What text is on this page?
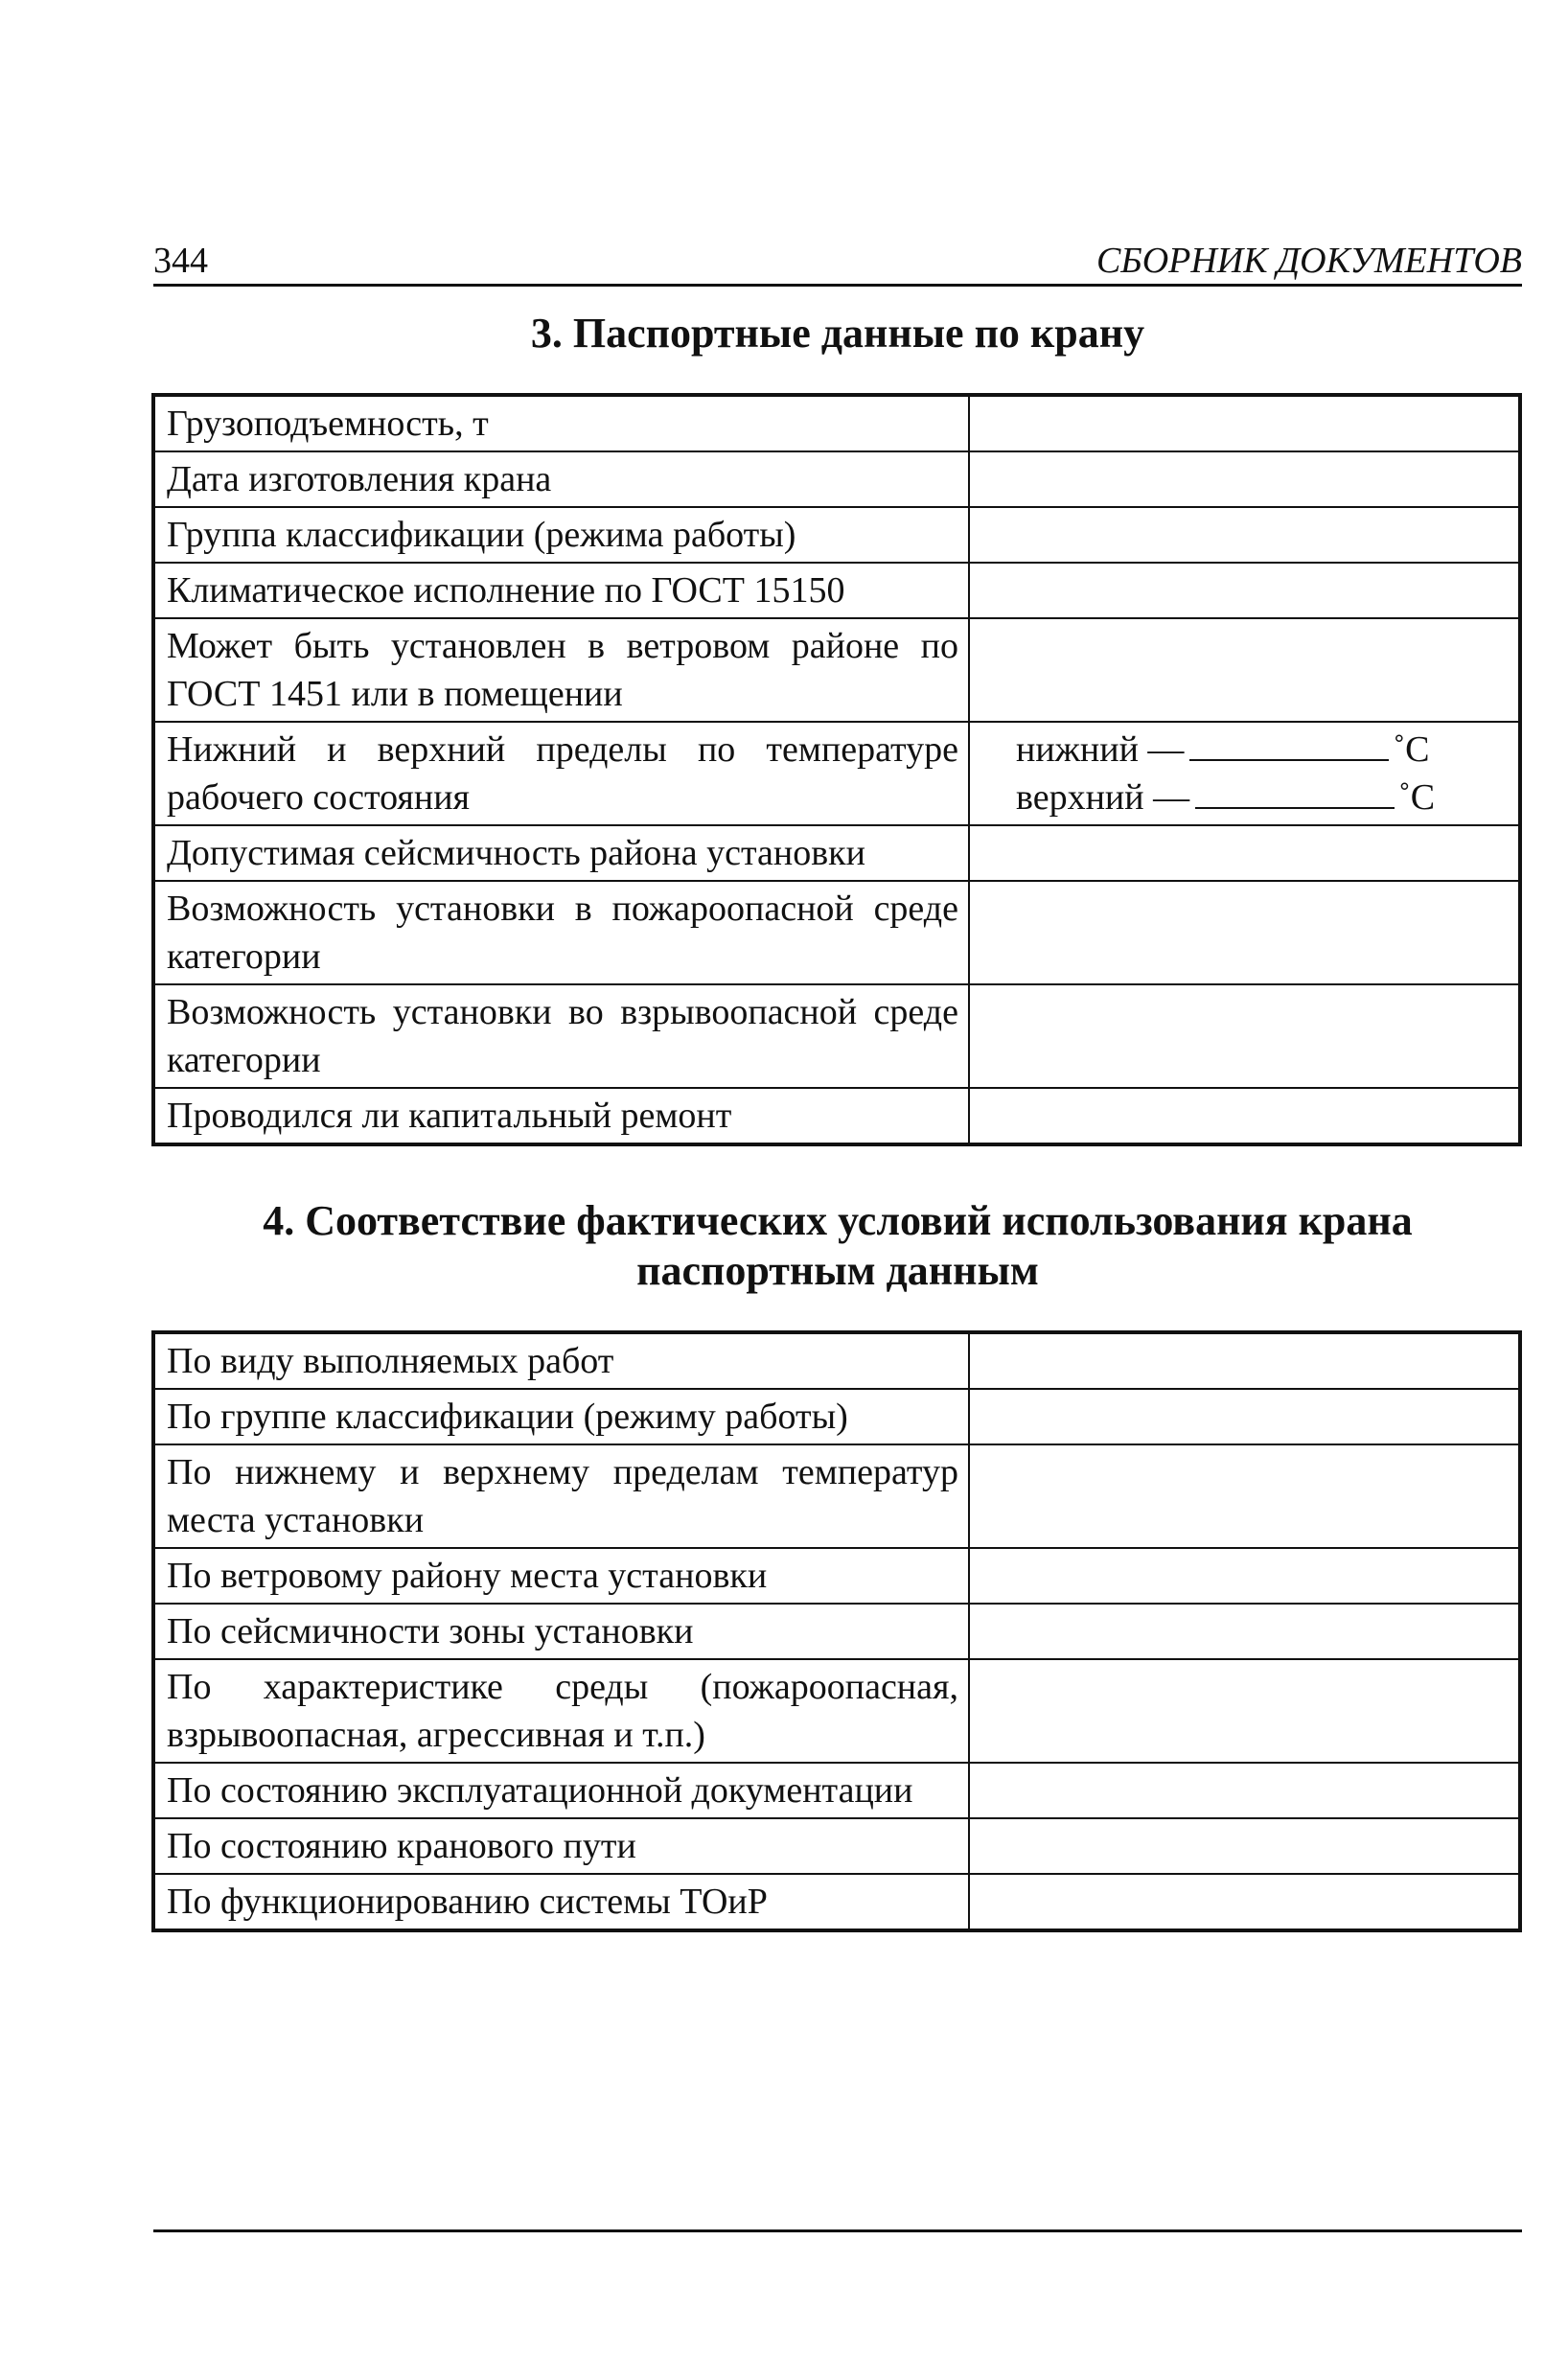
344	СБОРНИК ДОКУМЕНТОВ
3. Паспортные данные по крану
Грузоподъемность, т	
Дата изготовления крана	
Группа классификации (режима работы)	
Климатическое исполнение по ГОСТ 15150	
Может быть установлен в ветровом районе по ГОСТ 1451 или в помещении	
Нижний и верхний пределы по температуре рабочего состояния	нижний — ˚С
верхний — ˚С

Допустимая сейсмичность района установки	
Возможность установки в пожароопасной среде категории	
Возможность установки во взрывоопасной среде категории	
Проводился ли капитальный ремонт	
4. Соответствие фактических условий использования крана паспортным данным
По виду выполняемых работ	
По группе классификации (режиму работы)	
По нижнему и верхнему пределам температур места установки	
По ветровому району места установки	
По сейсмичности зоны установки	
По характеристике среды (пожароопасная, взрывоопасная, агрессивная и т.п.)	
По состоянию эксплуатационной документации	
По состоянию кранового пути	
По функционированию системы ТОиР	
